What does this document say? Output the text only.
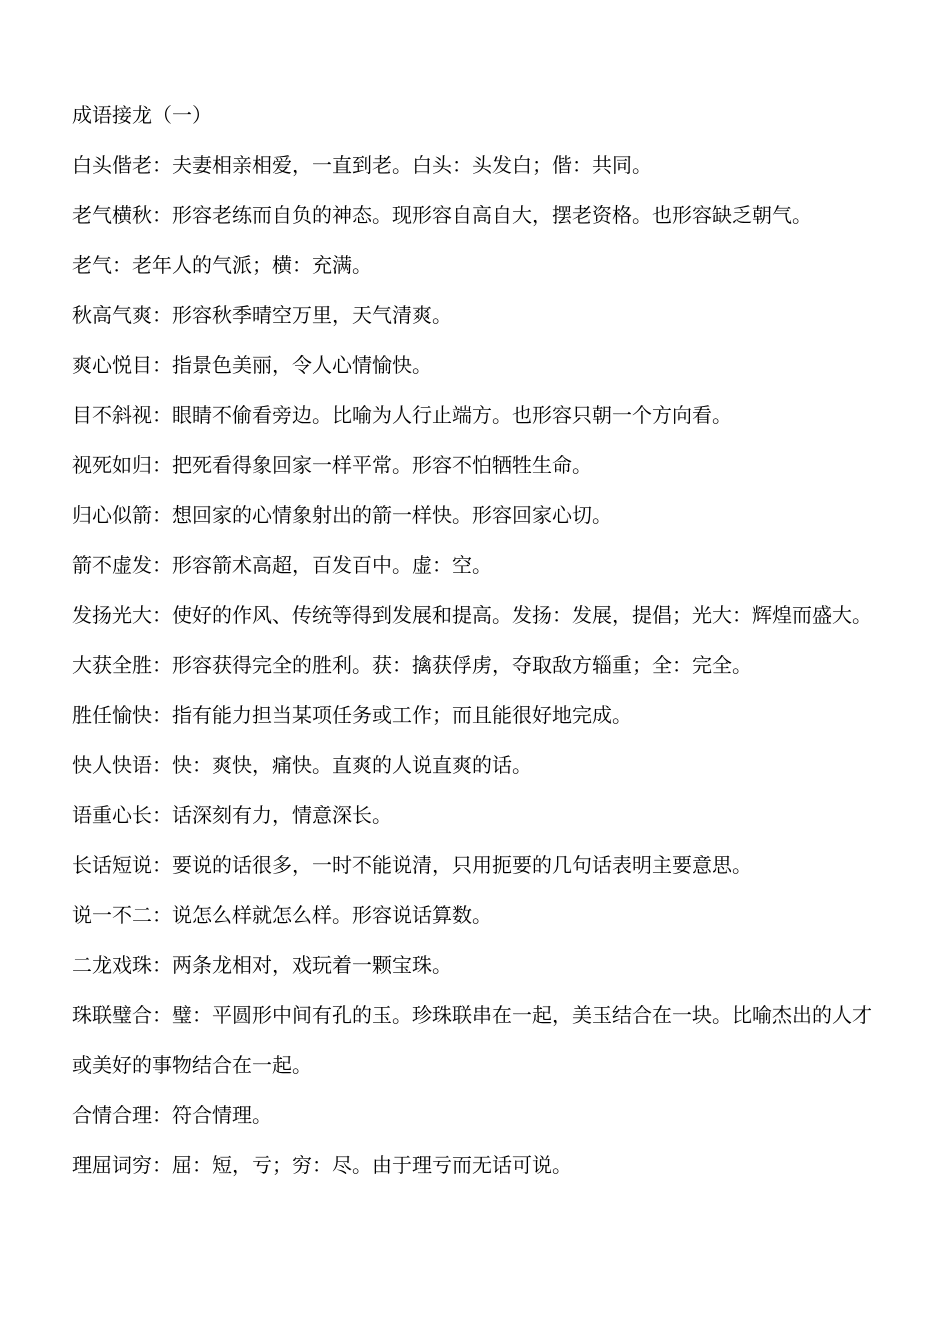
成语接龙（一）

白头偕老：夫妻相亲相爱，一直到老。白头：头发白；偕：共同。

老气横秋：形容老练而自负的神态。现形容自高自大，摆老资格。也形容缺乏朝气。

老气：老年人的气派；横：充满。

秋高气爽：形容秋季晴空万里，天气清爽。

爽心悦目：指景色美丽，令人心情愉快。

目不斜视：眼睛不偷看旁边。比喻为人行止端方。也形容只朝一个方向看。

视死如归：把死看得象回家一样平常。形容不怕牺牲生命。

归心似箭：想回家的心情象射出的箭一样快。形容回家心切。

箭不虚发：形容箭术高超，百发百中。虚：空。

发扬光大：使好的作风、传统等得到发展和提高。发扬：发展，提倡；光大：辉煌而盛大。

大获全胜：形容获得完全的胜利。获：擒获俘虏，夺取敌方辎重；全：完全。

胜任愉快：指有能力担当某项任务或工作；而且能很好地完成。

快人快语：快：爽快，痛快。直爽的人说直爽的话。

语重心长：话深刻有力，情意深长。

长话短说：要说的话很多，一时不能说清，只用扼要的几句话表明主要意思。

说一不二：说怎么样就怎么样。形容说话算数。

二龙戏珠：两条龙相对，戏玩着一颗宝珠。

珠联璧合：璧：平圆形中间有孔的玉。珍珠联串在一起，美玉结合在一块。比喻杰出的人才或美好的事物结合在一起。

合情合理：符合情理。

理屈词穷：屈：短，亏；穷：尽。由于理亏而无话可说。
